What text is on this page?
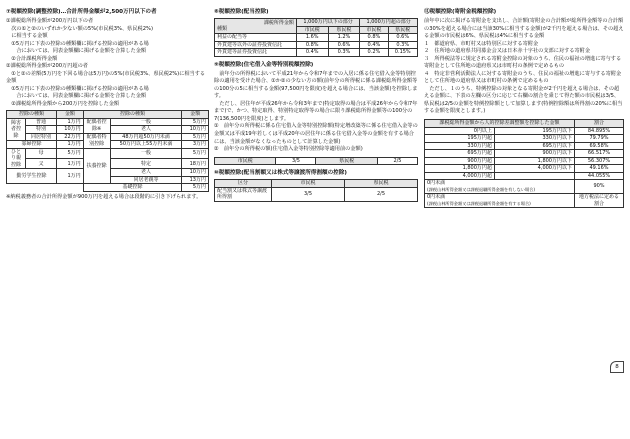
⑦税額控除(調整控除)…合計所得金額が2,500万円以下の者

①課税総所得金額が200万円以下の者

　次の①と②のいずれか少ない額の5%(市民税3%、県民税2%)

　に相当する金額

　①5万円に下表の控除の種類欄に掲げる控除の適用がある場

　　合においては、同表金額欄に掲げる金額を合算した金額

　②合計課税所得金額

②課税総所得金額が200万円超の者

　①と②の差額(5万円を下回る場合は5万円)の5%(市民税3%、県民税2%)に相当する金額

　①5万円に下表の控除の種類欄に掲げる控除の適用がある場

　　合においては、同表金額欄に掲げる金額を合算した金額

　②課税総所得金額から200万円を控除した金額

控除の種類		金額	控除の種類		金額
障害者控除	普通	1万円	配偶者控除※	一般	5万円
	特別	10万円		老人	10万円
	同居特別	22万円	配偶者特別控除	48万円超50万円未満	5万円
寡婦控除		1万円		50万円以上55万円未満	3万円
ひとり親控除	母	5万円	扶養控除	一般	5万円
	父	1万円		特定	18万円
勤労学生控除		1万円		老人	10万円
				同居老親等	13万円
			基礎控除		5万円

※納税義務者の合計所得金額が900万円を超える場合は段階的に引き下げられます。

⑧税額控除(配当控除)
課税所得金額
種類	1,000万円以下の部分		1,000万円超の部分	
	市民税	県民税	市民税	県民税
利益の配当等	1.6%	1.2%	0.8%	0.6%
外貨建等以外の証券投資信託	0.8%	0.6%	0.4%	0.3%
外貨建等証券投資信託	0.4%	0.3%	0.2%	0.15%
⑨税額控除(住宅借入金等特別税額控除)

　前年分の所得税において平成21年から令和7年までの入居に係る住宅借入金等特別控除の適用を受けた場合、①か②の少ない方の額(前年分の所得税に係る課税総所得金額等の100分の5に相当する金額(97,500円を限度)を超える場合には、当該金額)を控除します。

　ただし、居住年が平成26年から令和3年まで(特定取得の場合は平成26年から令和7年まで)で、かつ、特定取得、特別特定取得等の場合に限り課税総所得金額等の100分の7(136,500円を限度)とします。

①　前年分の所得税に係る住宅借入金等特別控除額(特定増改築等に係る住宅借入金等の金額又は平成19年若しくは平成20年の居住年に係る住宅借入金等の金額を有する場合には、当該金額がなくなったものとして計算した金額)

②　前年分の所得税の額(住宅借入金等特別控除等適用前の金額)

市民税	3/5	県民税	2/5
⑩税額控除(配当割額又は株式等譲渡所得割額の控除)
区分	市民税	県民税
配当割又は株式等譲渡所得割	3/5	2/5
⑪税額控除(寄附金税額控除)

前年中に次に掲げる寄附金を支出し、合計額(寄附金の合計額が総所得金額等の合計額の30%を超える場合には当該30%に相当する金額)が2千円を超える場合は、その超える金額の市民税は6%、県民税は4%に相当する金額

１　都道府県、市町村又は特別区に対する寄附金

２　住所地の道府県共同募金会又は日本赤十字社の支部に対する寄附金

３　所得税法等に規定される寄附金控除の対象のうち、住民の福祉の増進に寄与する寄附金として住所地の道府県又は市町村の条例で定めるもの

４　特定非営利活動法人に対する寄附金のうち、住民の福祉の増進に寄与する寄附金として住所地の道府県又は市町村の条例で定めるもの

　ただし、１のうち、特例控除の対象となる寄附金が2千円を超える場合は、その超える金額に、下表の左欄の区分に応じて右欄の割合を乗じて得た額の市民税は3/5、県民税は2/5の金額を特例控除額として加算します(特例控除額は所得割の20%に相当する金額を限度とします。)

課税総所得金額から人的控除差調整額を控除した金額		割合
0円以上	195万円以下	84.895%
195万円超	330万円以下	79.79%
330万円超	695万円以下	69.58%
695万円超	900万円以下	66.517%
900万円超	1,800万円以下	56.307%
1,800万円超	4,000万円以下	49.16%
4,000万円超		44.055%
0円未満
(課税山林所得金額又は課税退職所得金額を有しない場合)		90%
0円未満
(課税山林所得金額又は課税退職所得金額を有する場合)		地方税法に定める割合
8
